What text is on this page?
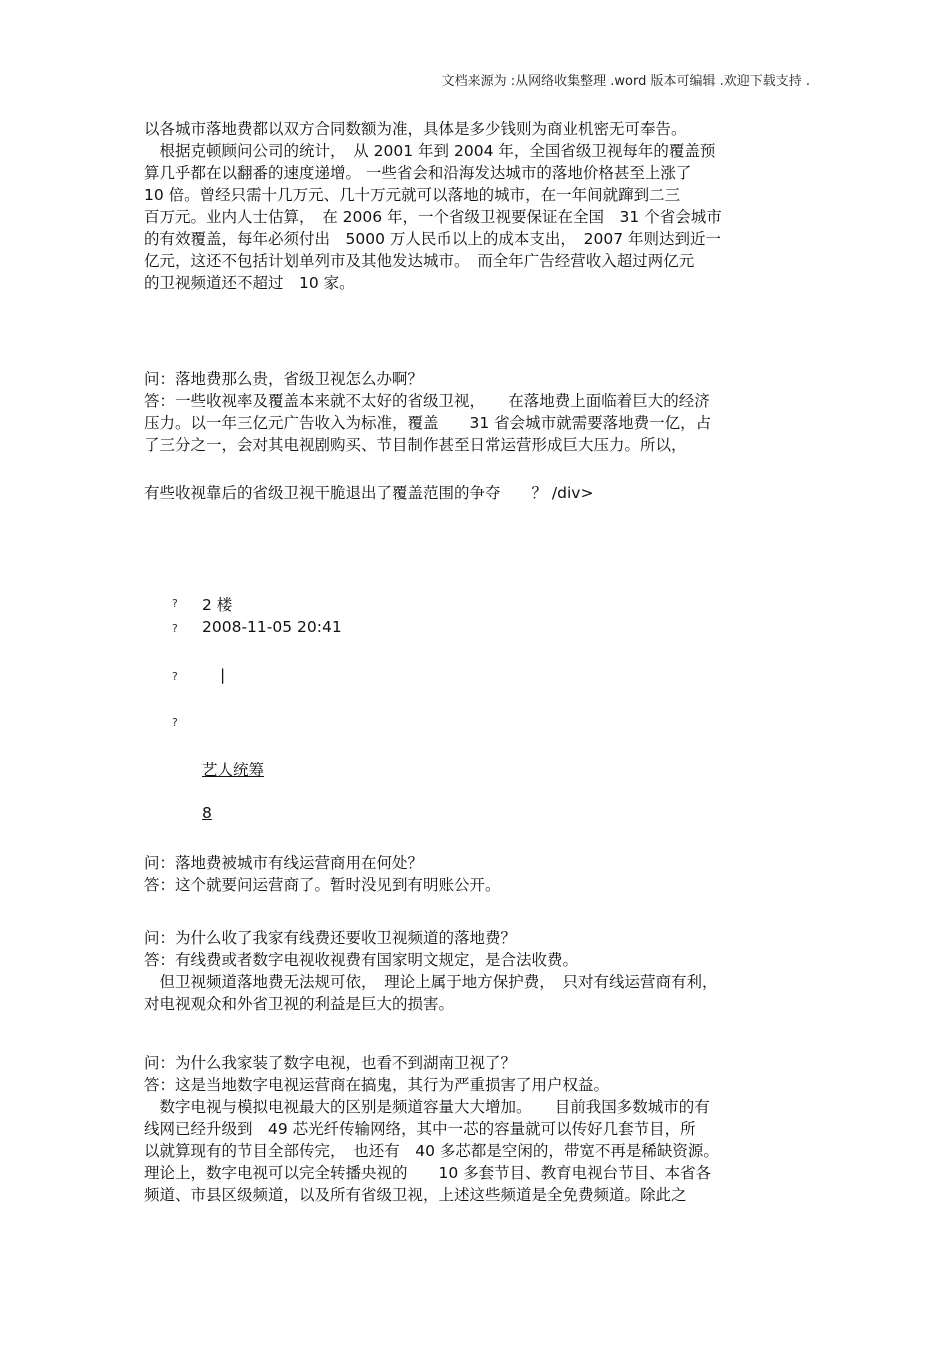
文档来源为 :从网络收集整理 .word 版本可编辑 .欢迎下载支持 .

以各城市落地费都以双方合同数额为准，具体是多少钱则为商业机密无可奉告。

　根据克顿顾问公司的统计，　从 2001 年到 2004 年，全国省级卫视每年的覆盖预

算几乎都在以翻番的速度递增。 一些省会和沿海发达城市的落地价格甚至上涨了

10 倍。曾经只需十几万元、几十万元就可以落地的城市，在一年间就蹿到二三

百万元。业内人士估算，　在 2006 年，一个省级卫视要保证在全国　31 个省会城市

的有效覆盖，每年必须付出　5000 万人民币以上的成本支出，　2007 年则达到近一

亿元，这还不包括计划单列市及其他发达城市。　而全年广告经营收入超过两亿元

的卫视频道还不超过　10 家。

问：落地费那么贵，省级卫视怎么办啊？

答：一些收视率及覆盖本来就不太好的省级卫视，　　在落地费上面临着巨大的经济

压力。以一年三亿元广告收入为标准，覆盖　　31 省会城市就需要落地费一亿，占

了三分之一，会对其电视剧购买、节目制作甚至日常运营形成巨大压力。所以，

有些收视靠后的省级卫视干脆退出了覆盖范围的争夺　　？ /div>

? 2 楼
? 2008-11-05 20:41
?	|
?
艺人统筹
8

问：落地费被城市有线运营商用在何处？

答：这个就要问运营商了。暂时没见到有明账公开。

问：为什么收了我家有线费还要收卫视频道的落地费？

答：有线费或者数字电视收视费有国家明文规定，是合法收费。

　但卫视频道落地费无法规可依，　理论上属于地方保护费，　只对有线运营商有利，

对电视观众和外省卫视的利益是巨大的损害。

问：为什么我家装了数字电视，也看不到湖南卫视了？

答：这是当地数字电视运营商在搞鬼，其行为严重损害了用户权益。

　数字电视与模拟电视最大的区别是频道容量大大增加。　　目前我国多数城市的有

线网已经升级到　49 芯光纤传输网络，其中一芯的容量就可以传好几套节目，所

以就算现有的节目全部传完，　也还有　40 多芯都是空闲的，带宽不再是稀缺资源。

理论上，数字电视可以完全转播央视的　　10 多套节目、教育电视台节目、本省各

频道、市县区级频道，以及所有省级卫视，上述这些频道是全免费频道。除此之
